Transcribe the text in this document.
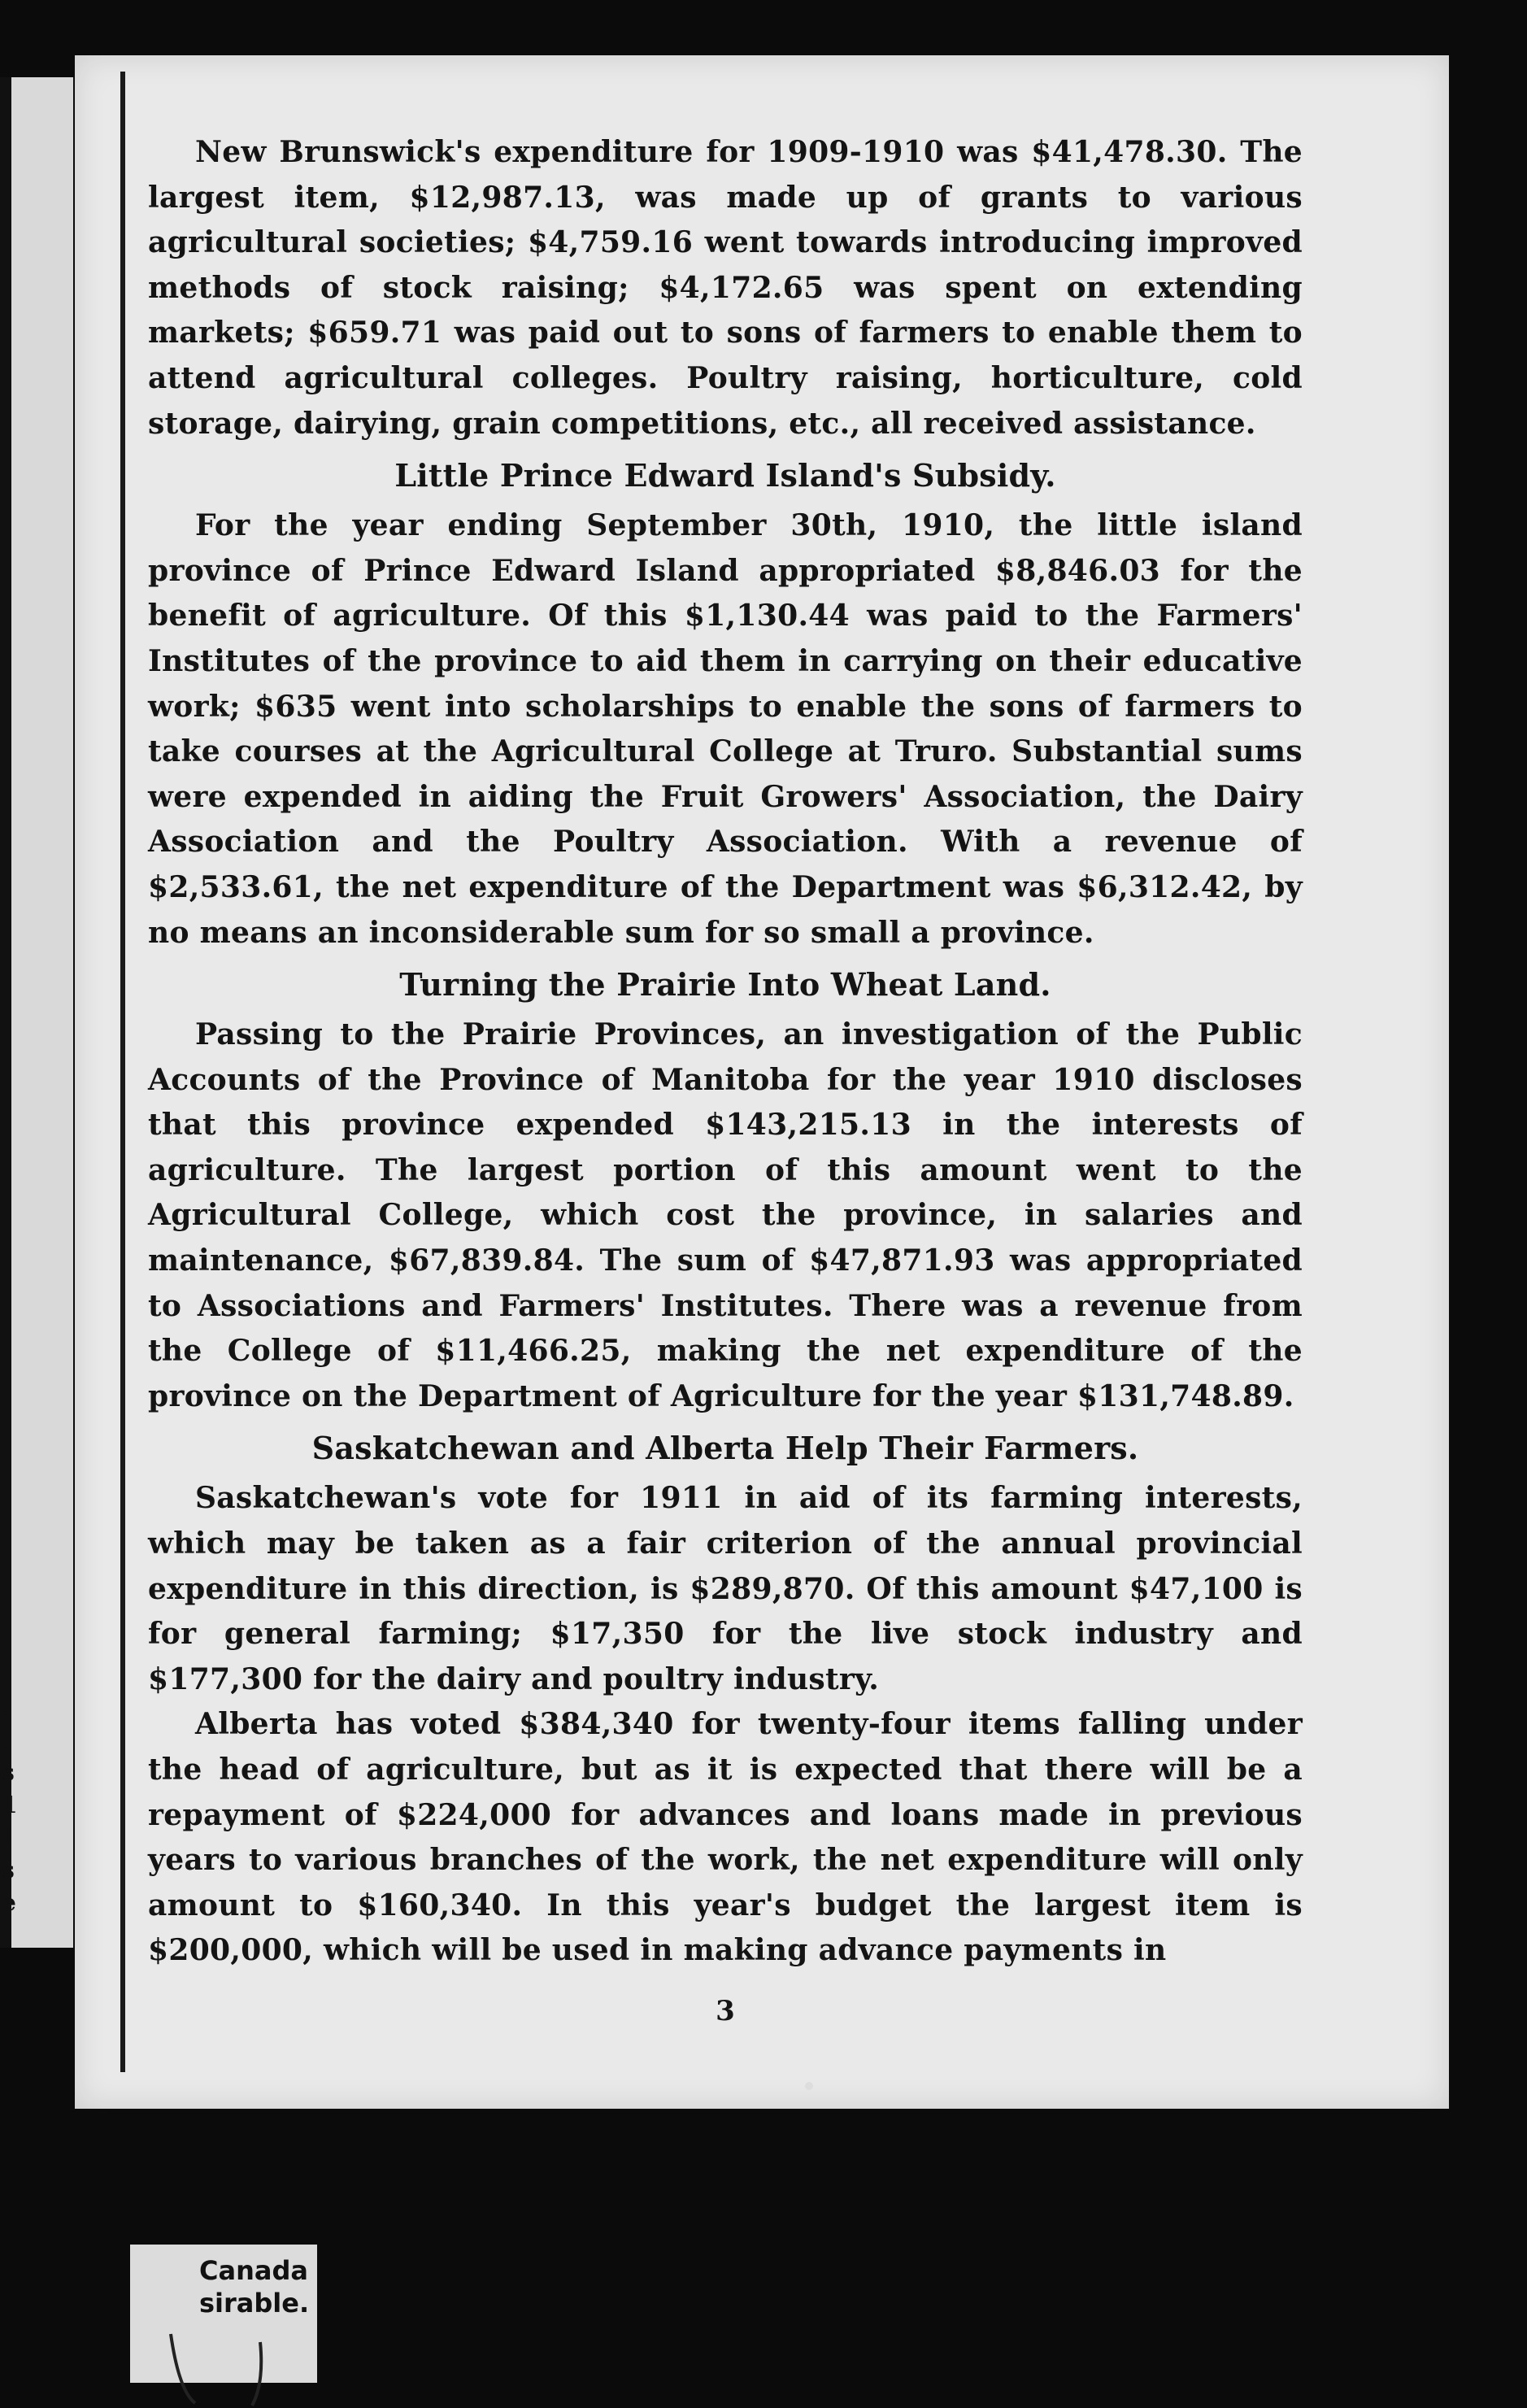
.
.
s
1
l
s
e

New Brunswick's expenditure for 1909-1910 was $41,478.30. The largest item, $12,987.13, was made up of grants to various agricultural societies; $4,759.16 went towards introducing improved methods of stock raising; $4,172.65 was spent on extending markets; $659.71 was paid out to sons of farmers to enable them to attend agricultural colleges. Poultry raising, horticulture, cold storage, dairying, grain competitions, etc., all received assistance.

Little Prince Edward Island's Subsidy.

For the year ending September 30th, 1910, the little island province of Prince Edward Island appropriated $8,846.03 for the benefit of agriculture. Of this $1,130.44 was paid to the Farmers' Institutes of the province to aid them in carrying on their educative work; $635 went into scholarships to enable the sons of farmers to take courses at the Agricultural College at Truro. Substantial sums were expended in aiding the Fruit Growers' Association, the Dairy Association and the Poultry Association. With a revenue of $2,533.61, the net expenditure of the Department was $6,312.42, by no means an inconsiderable sum for so small a province.

Turning the Prairie Into Wheat Land.

Passing to the Prairie Provinces, an investigation of the Public Accounts of the Province of Manitoba for the year 1910 discloses that this province expended $143,215.13 in the interests of agriculture. The largest portion of this amount went to the Agricultural College, which cost the province, in salaries and maintenance, $67,839.84. The sum of $47,871.93 was appropriated to Associations and Farmers' Institutes. There was a revenue from the College of $11,466.25, making the net expenditure of the province on the Department of Agriculture for the year $131,748.89.

Saskatchewan and Alberta Help Their Farmers.

Saskatchewan's vote for 1911 in aid of its farming interests, which may be taken as a fair criterion of the annual provincial expenditure in this direction, is $289,870. Of this amount $47,100 is for general farming; $17,350 for the live stock industry and $177,300 for the dairy and poultry industry.

Alberta has voted $384,340 for twenty-four items falling under the head of agriculture, but as it is expected that there will be a repayment of $224,000 for advances and loans made in previous years to various branches of the work, the net expenditure will only amount to $160,340. In this year's budget the largest item is $200,000, which will be used in making advance payments in

3
Canada
sirable.
